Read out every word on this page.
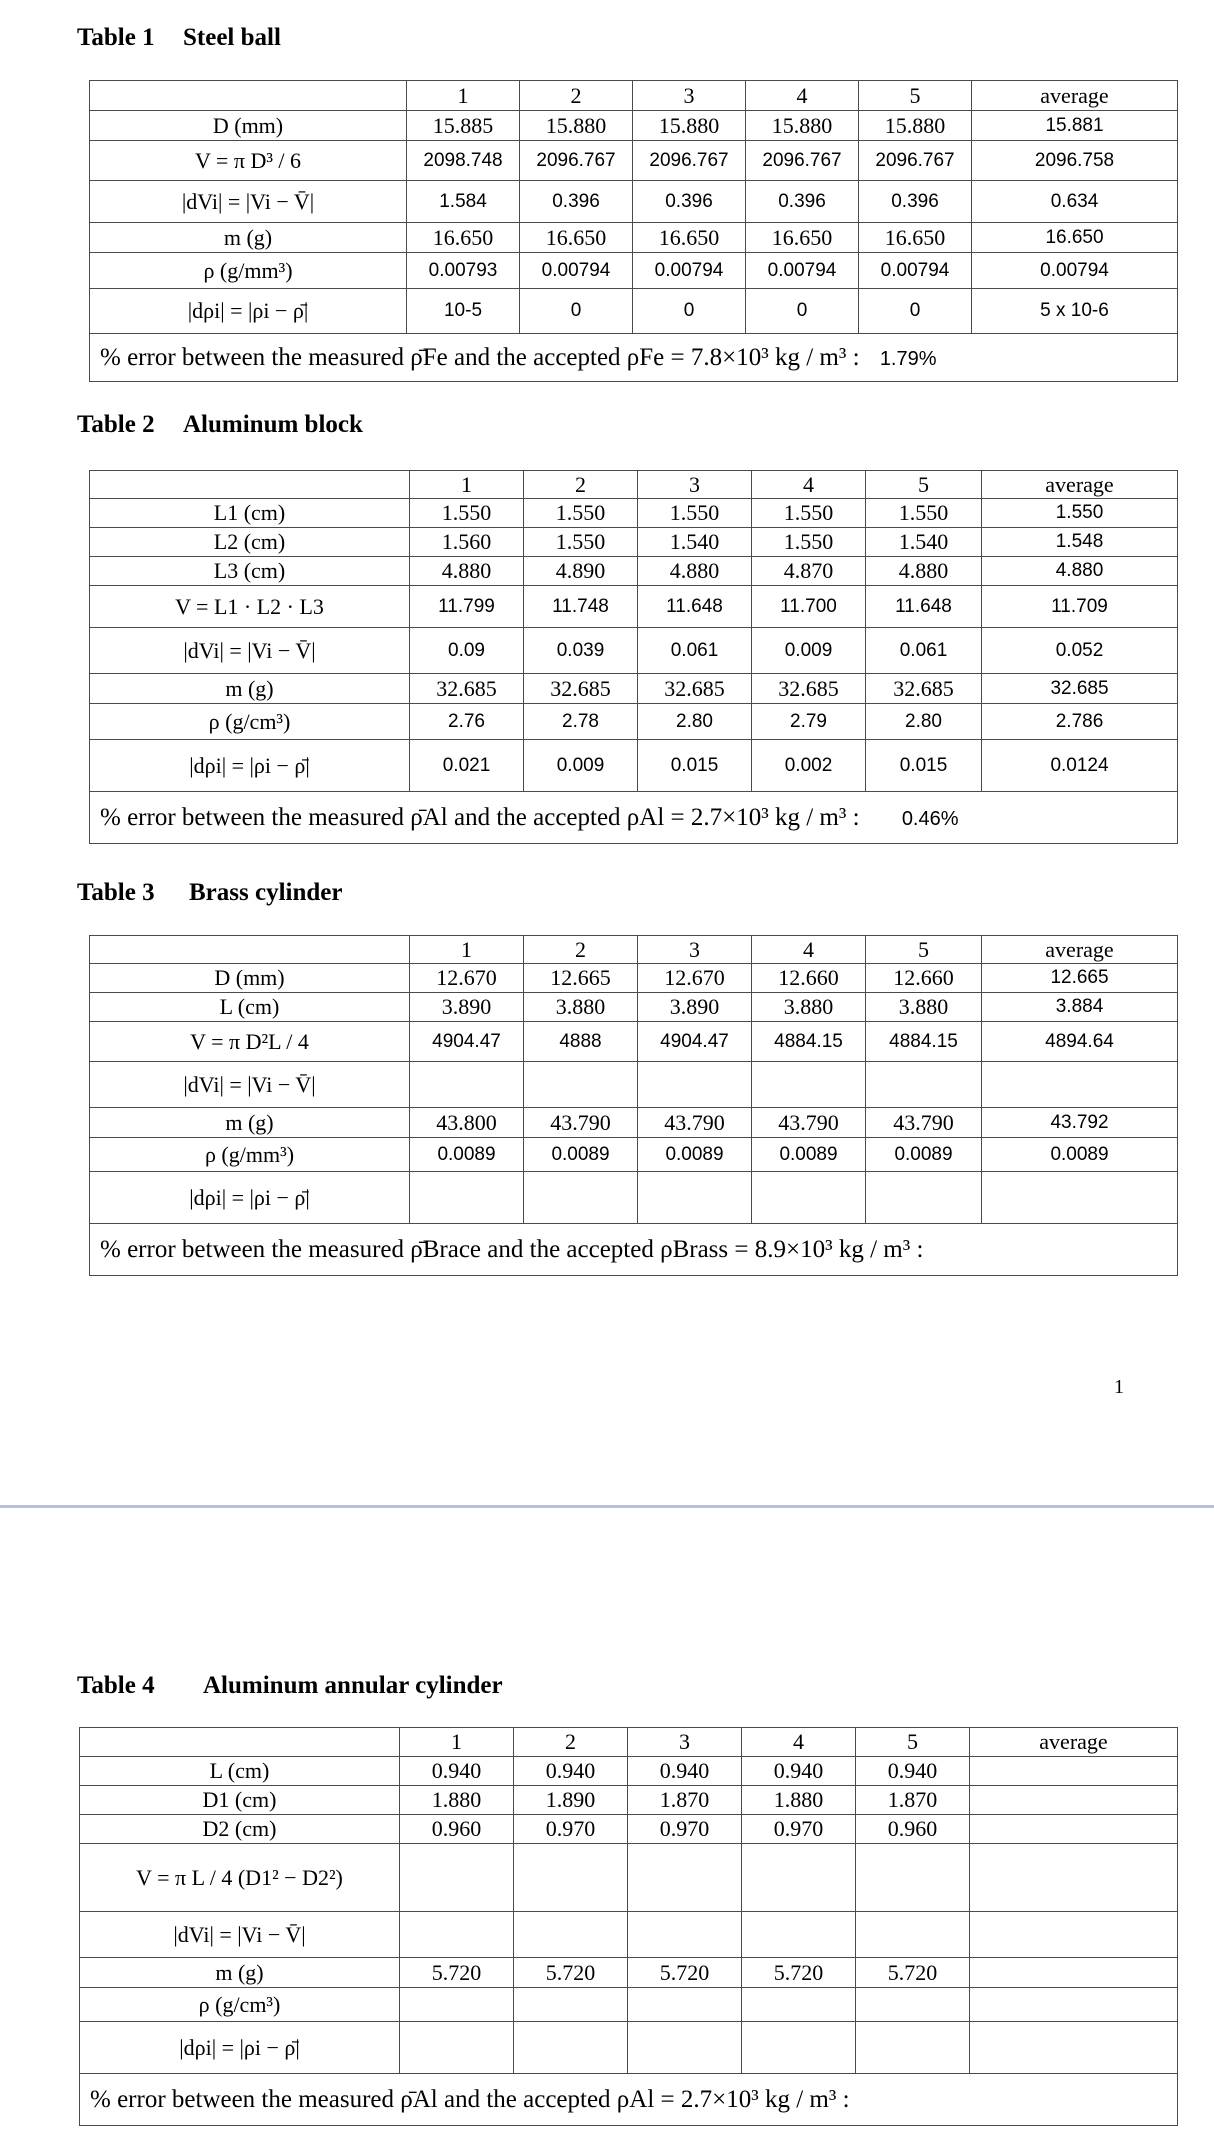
Table 1 Steel ball
	1	2	3	4	5	average
D (mm)	15.885	15.880	15.880	15.880	15.880	15.881
V = π D³ / 6	2098.748	2096.767	2096.767	2096.767	2096.767	2096.758
|dVi| = |Vi − V̄|	1.584	0.396	0.396	0.396	0.396	0.634
m (g)	16.650	16.650	16.650	16.650	16.650	16.650
ρ (g/mm³)	0.00793	0.00794	0.00794	0.00794	0.00794	0.00794
|dρi| = |ρi − ρ̄|	10-5	0	0	0	0	5 x 10-6
% error between the measured ρ̄Fe and the accepted ρFe = 7.8×10³ kg / m³ : 1.79%						
Table 2 Aluminum block
	1	2	3	4	5	average
L1 (cm)	1.550	1.550	1.550	1.550	1.550	1.550
L2 (cm)	1.560	1.550	1.540	1.550	1.540	1.548
L3 (cm)	4.880	4.890	4.880	4.870	4.880	4.880
V = L1 · L2 · L3	11.799	11.748	11.648	11.700	11.648	11.709
|dVi| = |Vi − V̄|	0.09	0.039	0.061	0.009	0.061	0.052
m (g)	32.685	32.685	32.685	32.685	32.685	32.685
ρ (g/cm³)	2.76	2.78	2.80	2.79	2.80	2.786
|dρi| = |ρi − ρ̄|	0.021	0.009	0.015	0.002	0.015	0.0124
% error between the measured ρ̄Al and the accepted ρAl = 2.7×10³ kg / m³ : 0.46%						
Table 3 Brass cylinder
	1	2	3	4	5	average
D (mm)	12.670	12.665	12.670	12.660	12.660	12.665
L (cm)	3.890	3.880	3.890	3.880	3.880	3.884
V = π D²L / 4	4904.47	4888	4904.47	4884.15	4884.15	4894.64
|dVi| = |Vi − V̄|						
m (g)	43.800	43.790	43.790	43.790	43.790	43.792
ρ (g/mm³)	0.0089	0.0089	0.0089	0.0089	0.0089	0.0089
|dρi| = |ρi − ρ̄|						
% error between the measured ρ̄Brace and the accepted ρBrass = 8.9×10³ kg / m³ :						
1
Table 4 Aluminum annular cylinder
	1	2	3	4	5	average
L (cm)	0.940	0.940	0.940	0.940	0.940	
D1 (cm)	1.880	1.890	1.870	1.880	1.870	
D2 (cm)	0.960	0.970	0.970	0.970	0.960	
V = π L / 4 (D1² − D2²)						
|dVi| = |Vi − V̄|						
m (g)	5.720	5.720	5.720	5.720	5.720	
ρ (g/cm³)						
|dρi| = |ρi − ρ̄|						
% error between the measured ρ̄Al and the accepted ρAl = 2.7×10³ kg / m³ :						
